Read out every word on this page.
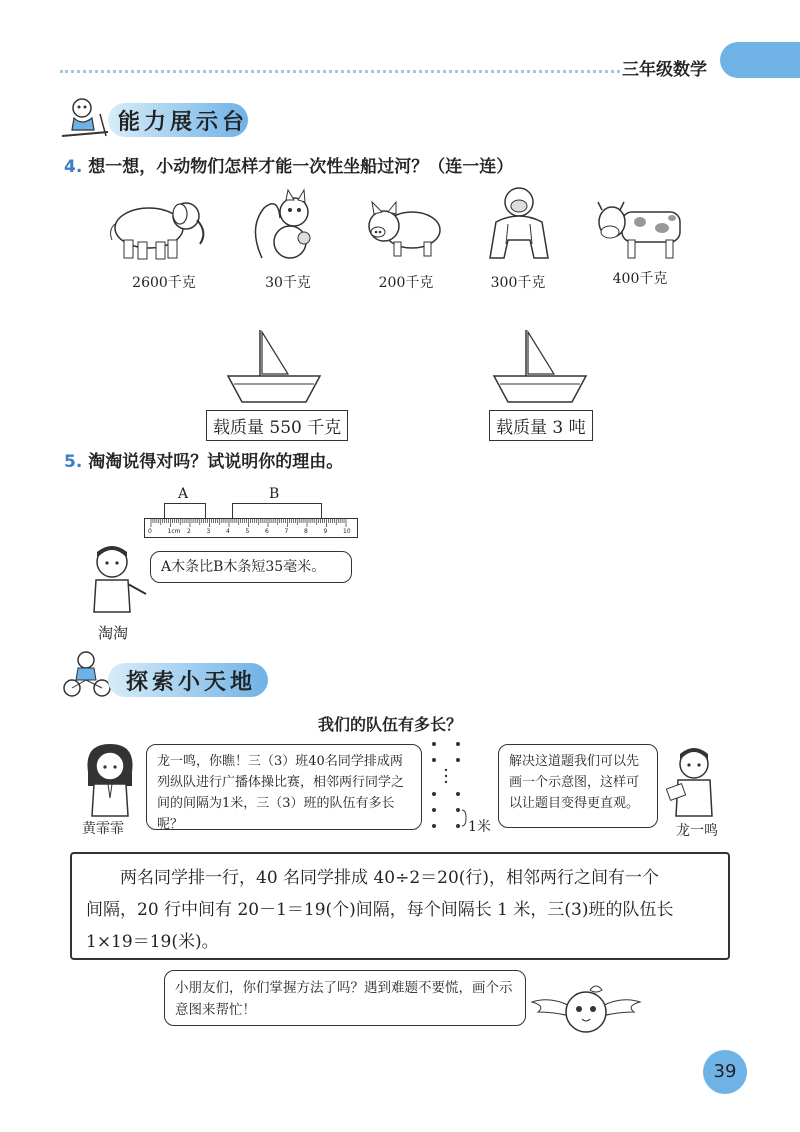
三年级数学
能力展示台
4. 想一想，小动物们怎样才能一次性坐船过河？（连一连）
2600千克	30千克	200千克	300千克	400千克
载质量 550 千克	载质量 3 吨
5. 淘淘说得对吗？试说明你的理由。
A	B
0	1cm 2	3	4	5	6	7	8	9	10
A木条比B木条短35毫米。
淘淘
探索小天地
我们的队伍有多长？
黄霏霏
龙一鸣，你瞧！三（3）班40名同学排成两列纵队进行广播体操比赛，相邻两行同学之间的间隔为1米，三（3）班的队伍有多长呢？	1米
解决这道题我们可以先画一个示意图，这样可以让题目变得更直观。
龙一鸣

两名同学排一行，40 名同学排成 40÷2＝20(行)，相邻两行之间有一个

间隔，20 行中间有 20－1＝19(个)间隔，每个间隔长 1 米，三(3)班的队伍长

1×19＝19(米)。

小朋友们，你们掌握方法了吗？遇到难题不要慌，画个示意图来帮忙！
39
